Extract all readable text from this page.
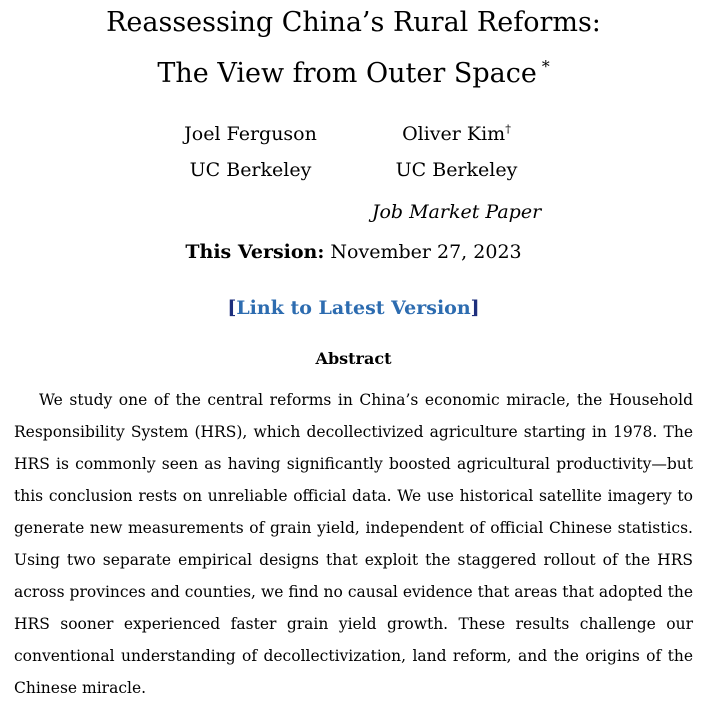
Reassessing China’s Rural Reforms:
The View from Outer Space *
Joel Ferguson
UC Berkeley
Oliver Kim†
UC Berkeley
Job Market Paper
This Version: November 27, 2023
[Link to Latest Version]
Abstract

We study one of the central reforms in China’s economic miracle, the Household Responsibility System (HRS), which decollectivized agriculture starting in 1978. The HRS is commonly seen as having significantly boosted agricultural productivity—but this conclusion rests on unreliable official data. We use historical satellite imagery to generate new measurements of grain yield, independent of official Chinese statistics. Using two separate empirical designs that exploit the staggered rollout of the HRS across provinces and counties, we find no causal evidence that areas that adopted the HRS sooner experienced faster grain yield growth. These results challenge our conventional understanding of decollectivization, land reform, and the origins of the Chinese miracle.
